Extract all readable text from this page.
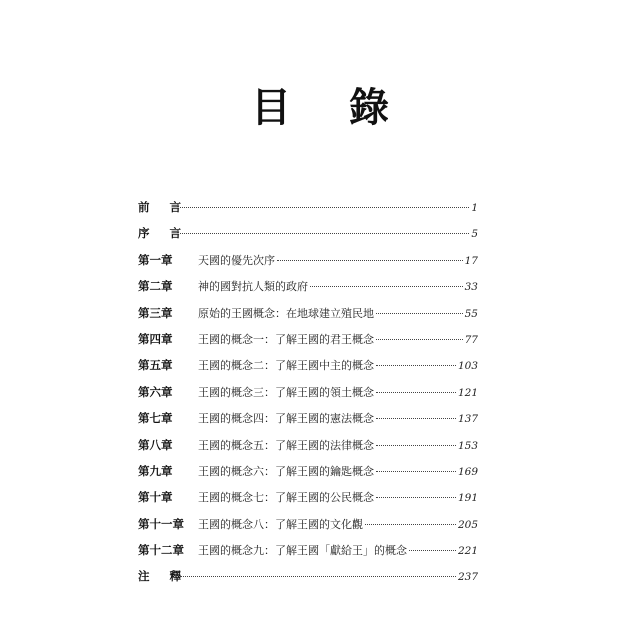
目 錄
前 言	1
序 言	5
第一章	天國的優先次序	17
第二章	神的國對抗人類的政府	33
第三章	原始的王國概念：在地球建立殖民地	55
第四章	王國的概念一：了解王國的君王概念	77
第五章	王國的概念二：了解王國中主的概念	103
第六章	王國的概念三：了解王國的領土概念	121
第七章	王國的概念四：了解王國的憲法概念	137
第八章	王國的概念五：了解王國的法律概念	153
第九章	王國的概念六：了解王國的鑰匙概念	169
第十章	王國的概念七：了解王國的公民概念	191
第十一章	王國的概念八：了解王國的文化觀	205
第十二章	王國的概念九：了解王國「獻給王」的概念	221
注 釋	237
